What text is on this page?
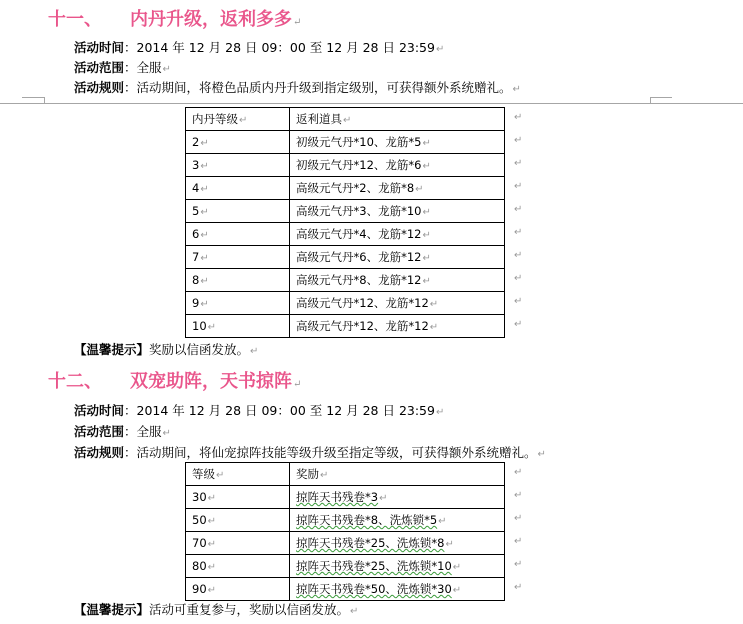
十一、 内丹升级，返利多多↵
活动时间：2014 年 12 月 28 日 09：00 至 12 月 28 日 23:59↵
活动范围：全服↵
活动规则：活动期间，将橙色品质内丹升级到指定级别，可获得额外系统赠礼。↵
内丹等级↵	返利道具↵
2↵	初级元气丹*10、龙筋*5↵
3↵	初级元气丹*12、龙筋*6↵
4↵	高级元气丹*2、龙筋*8↵
5↵	高级元气丹*3、龙筋*10↵
6↵	高级元气丹*4、龙筋*12↵
7↵	高级元气丹*6、龙筋*12↵
8↵	高级元气丹*8、龙筋*12↵
9↵	高级元气丹*12、龙筋*12↵
10↵	高级元气丹*12、龙筋*12↵
【温馨提示】奖励以信函发放。↵
十二、 双宠助阵，天书掠阵↵
活动时间：2014 年 12 月 28 日 09：00 至 12 月 28 日 23:59↵
活动范围：全服↵
活动规则：活动期间，将仙宠掠阵技能等级升级至指定等级，可获得额外系统赠礼。↵
等级↵	奖励↵
30↵	掠阵天书残卷*3↵
50↵	掠阵天书残卷*8、洗炼锁*5↵
70↵	掠阵天书残卷*25、洗炼锁*8↵
80↵	掠阵天书残卷*25、洗炼锁*10↵
90↵	掠阵天书残卷*50、洗炼锁*30↵
【温馨提示】活动可重复参与，奖励以信函发放。↵
↵
↵
↵
↵
↵
↵
↵
↵
↵
↵
↵
↵
↵
↵
↵
↵
